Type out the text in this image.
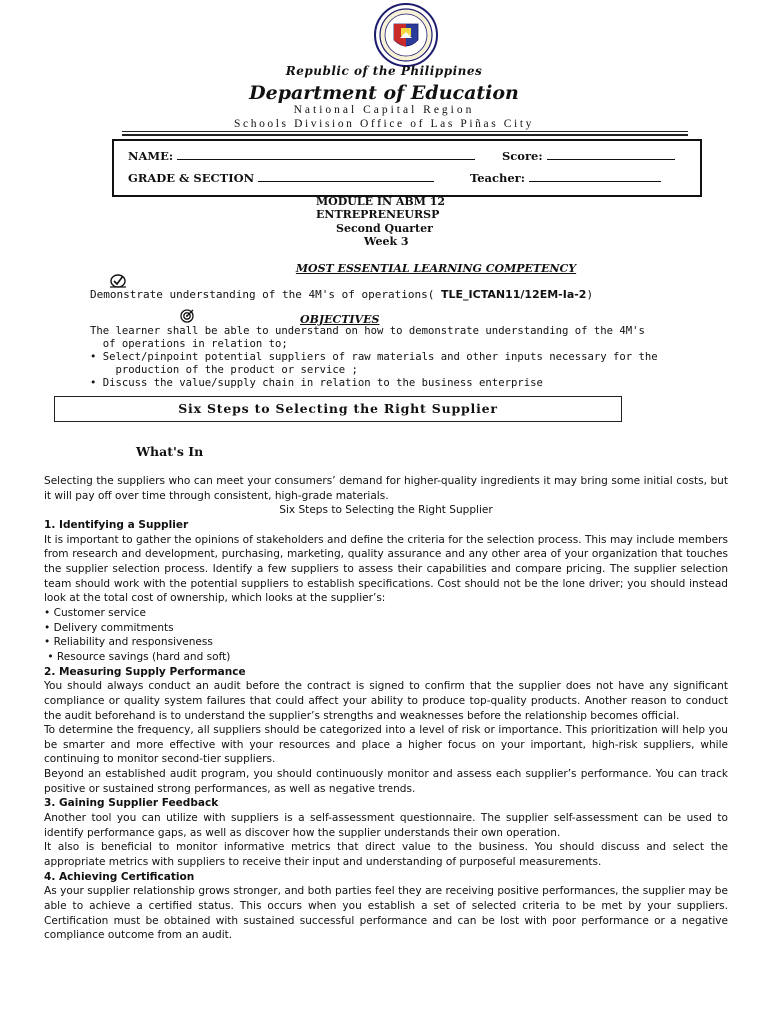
Republic of the Philippines
Department of Education
National Capital Region
Schools Division Office of Las Piñas City
NAME:	Score:
GRADE & SECTION	Teacher:
MODULE IN ABM 12
ENTREPRENEURSP
Second Quarter
Week 3
MOST ESSENTIAL LEARNING COMPETENCY
Demonstrate understanding of the 4M's of operations( TLE_ICTAN11/12EM-Ia-2)
OBJECTIVES
The learner shall be able to understand on how to demonstrate understanding of the 4M's
of operations in relation to;
• Select/pinpoint potential suppliers of raw materials and other inputs necessary for the
production of the product or service ;
• Discuss the value/supply chain in relation to the business enterprise
Six Steps to Selecting the Right Supplier
What's In

Selecting the suppliers who can meet your consumers’ demand for higher-quality ingredients it may bring some initial costs, but it will pay off over time through consistent, high-grade materials.

Six Steps to Selecting the Right Supplier

1. Identifying a Supplier

It is important to gather the opinions of stakeholders and define the criteria for the selection process. This may include members from research and development, purchasing, marketing, quality assurance and any other area of your organization that touches the supplier selection process. Identify a few suppliers to assess their capabilities and compare pricing. The supplier selection team should work with the potential suppliers to establish specifications. Cost should not be the lone driver; you should instead look at the total cost of ownership, which looks at the supplier’s:

• Customer service

• Delivery commitments

• Reliability and responsiveness

• Resource savings (hard and soft)

2. Measuring Supply Performance

You should always conduct an audit before the contract is signed to confirm that the supplier does not have any significant compliance or quality system failures that could affect your ability to produce top-quality products. Another reason to conduct the audit beforehand is to understand the supplier’s strengths and weaknesses before the relationship becomes official.

To determine the frequency, all suppliers should be categorized into a level of risk or importance. This prioritization will help you be smarter and more effective with your resources and place a higher focus on your important, high-risk suppliers, while continuing to monitor second-tier suppliers.

Beyond an established audit program, you should continuously monitor and assess each supplier’s performance. You can track positive or sustained strong performances, as well as negative trends.

3. Gaining Supplier Feedback

Another tool you can utilize with suppliers is a self-assessment questionnaire. The supplier self-assessment can be used to identify performance gaps, as well as discover how the supplier understands their own operation.

It also is beneficial to monitor informative metrics that direct value to the business. You should discuss and select the appropriate metrics with suppliers to receive their input and understanding of purposeful measurements.

4. Achieving Certification

As your supplier relationship grows stronger, and both parties feel they are receiving positive performances, the supplier may be able to achieve a certified status. This occurs when you establish a set of selected criteria to be met by your suppliers. Certification must be obtained with sustained successful performance and can be lost with poor performance or a negative compliance outcome from an audit.
